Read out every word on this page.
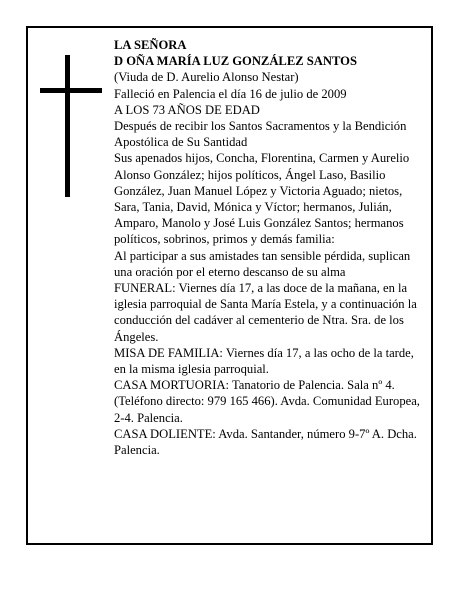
LA SEÑORA

D OÑA MARÍA LUZ GONZÁLEZ SANTOS

(Viuda de D. Aurelio Alonso Nestar)

Falleció en Palencia el día 16 de julio de 2009

A LOS 73 AÑOS DE EDAD

Después de recibir los Santos Sacramentos y la Bendición Apostólica de Su Santidad

Sus apenados hijos, Concha, Florentina, Carmen y Aurelio Alonso González; hijos políticos, Ángel Laso, Basilio González, Juan Manuel López y Victoria Aguado; nietos, Sara, Tania, David, Mónica y Víctor; hermanos, Julián, Amparo, Manolo y José Luis González Santos; hermanos políticos, sobrinos, primos y demás familia:

Al participar a sus amistades tan sensible pérdida, suplican una oración por el eterno descanso de su alma

FUNERAL: Viernes día 17, a las doce de la mañana, en la iglesia parroquial de Santa María Estela, y a continuación la conducción del cadáver al cementerio de Ntra. Sra. de los Ángeles.

MISA DE FAMILIA: Viernes día 17, a las ocho de la tarde, en la misma iglesia parroquial.

CASA MORTUORIA: Tanatorio de Palencia. Sala nº 4. (Teléfono directo: 979 165 466). Avda. Comunidad Europea, 2-4. Palencia.

CASA DOLIENTE: Avda. Santander, número 9-7º A. Dcha. Palencia.
